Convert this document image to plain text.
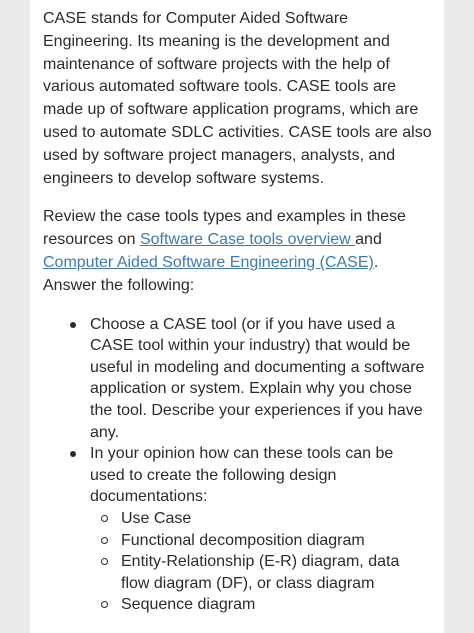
CASE stands for Computer Aided Software Engineering. Its meaning is the development and maintenance of software projects with the help of various automated software tools. CASE tools are made up of software application programs, which are used to automate SDLC activities. CASE tools are also used by software project managers, analysts, and engineers to develop software systems.

Review the case tools types and examples in these resources on Software Case tools overview and Computer Aided Software Engineering (CASE). Answer the following:

Choose a CASE tool (or if you have used a CASE tool within your industry) that would be useful in modeling and documenting a software application or system. Explain why you chose the tool. Describe your experiences if you have any.
In your opinion how can these tools can be used to create the following design documentations:
Use Case
Functional decomposition diagram
Entity-Relationship (E-R) diagram, data flow diagram (DF), or class diagram
Sequence diagram
